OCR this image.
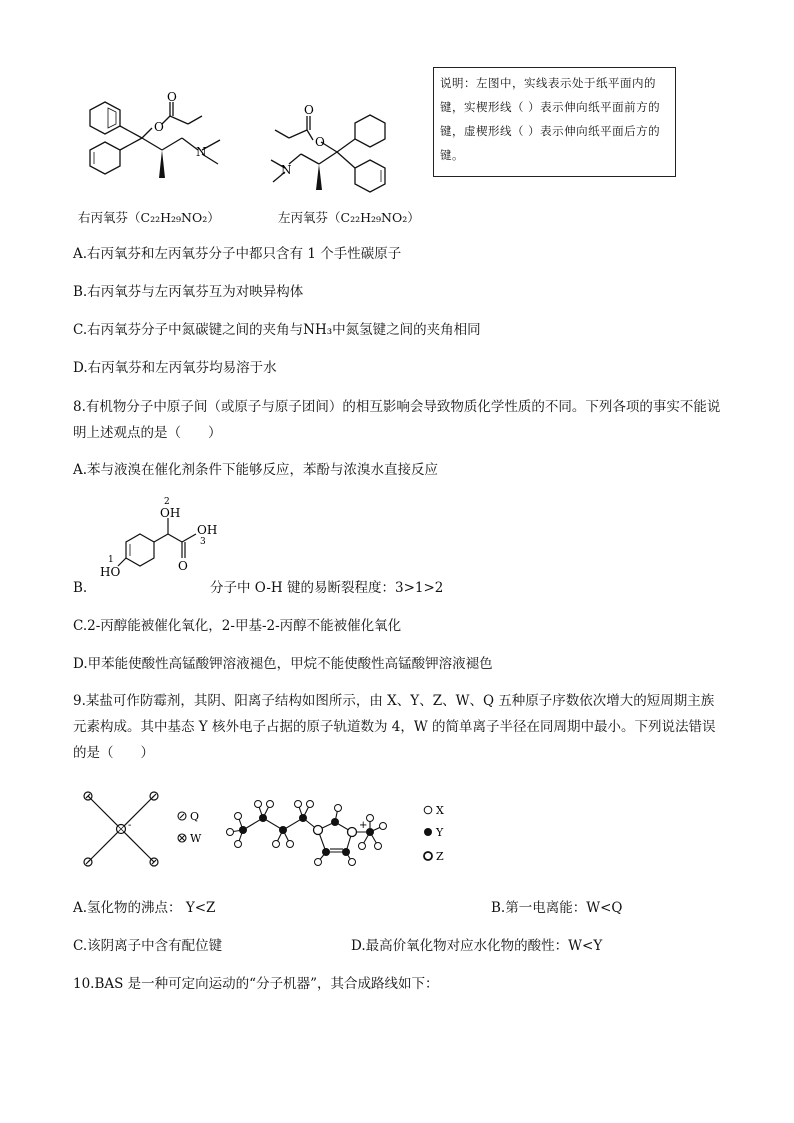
O
O
N
O
O
N
右丙氧芬（C₂₂H₂₉NO₂）	左丙氧芬（C₂₂H₂₉NO₂）
说明：左图中，实线表示处于纸平面内的键，实楔形线（ ）表示伸向纸平面前方的键，虚楔形线（ ）表示伸向纸平面后方的键。
A.右丙氧芬和左丙氧芬分子中都只含有 1 个手性碳原子
B.右丙氧芬与左丙氧芬互为对映异构体
C.右丙氧芬分子中氮碳键之间的夹角与NH₃中氮氢键之间的夹角相同
D.右丙氧芬和左丙氧芬均易溶于水
8.有机物分子中原子间（或原子与原子团间）的相互影响会导致物质化学性质的不同。下列各项的事实不能说明上述观点的是（　　）
A.苯与液溴在催化剂条件下能够反应，苯酚与浓溴水直接反应
2
OH
OH
3
O
HO
1
B.	分子中 O-H 键的易断裂程度：3>1>2
C.2-丙醇能被催化氧化，2-甲基-2-丙醇不能被催化氧化
D.甲苯能使酸性高锰酸钾溶液褪色，甲烷不能使酸性高锰酸钾溶液褪色
9.某盐可作防霉剂，其阴、阳离子结构如图所示，由 X、Y、Z、W、Q 五种原子序数依次增大的短周期主族元素构成。其中基态 Y 核外电子占据的原子轨道数为 4，W 的简单离子半径在同周期中最小。下列说法错误的是（　　）
-
Q
W
+
X
Y
Z
A.氢化物的沸点： Y<Z	B.第一电离能：W<Q
C.该阴离子中含有配位键	D.最高价氧化物对应水化物的酸性：W<Y
10.BAS 是一种可定向运动的“分子机器”，其合成路线如下：
